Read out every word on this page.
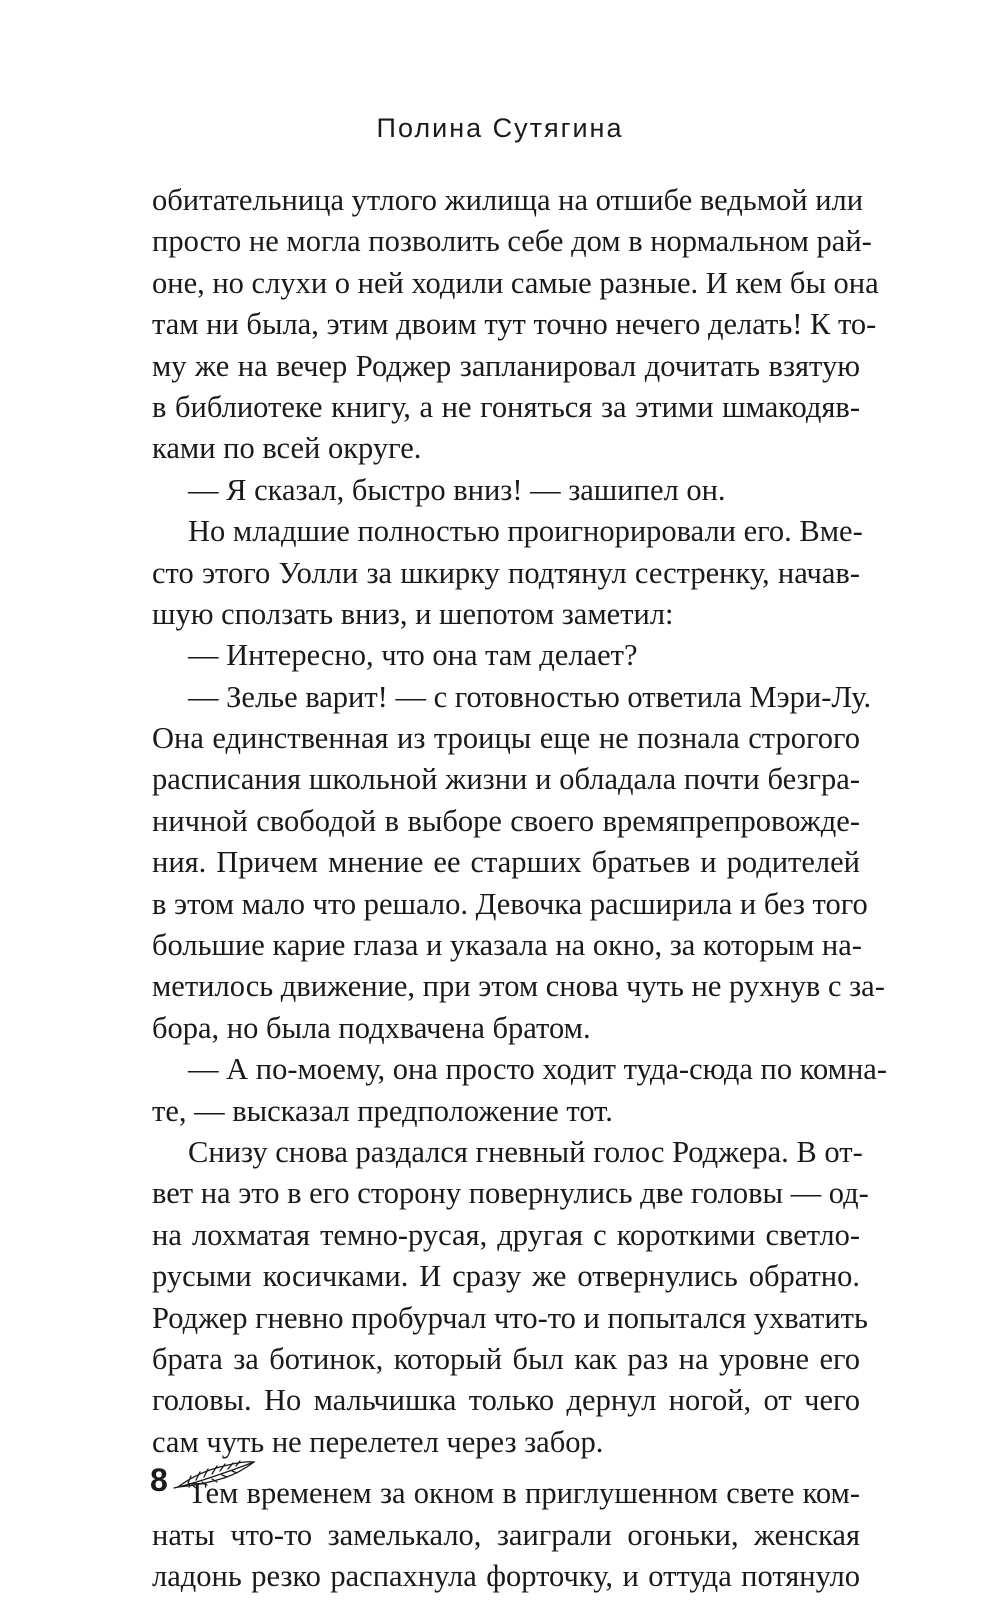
Полина Сутягина
обитательница утлого жилища на отшибе ведьмой или
просто не могла позволить себе дом в нормальном рай-
оне, но слухи о ней ходили самые разные. И кем бы она
там ни была, этим двоим тут точно нечего делать! К то-
му же на вечер Роджер запланировал дочитать взятую
в библиотеке книгу, а не гоняться за этими шмакодяв-
ками по всей округе.
— Я сказал, быстро вниз! — зашипел он.
Но младшие полностью проигнорировали его. Вме-
сто этого Уолли за шкирку подтянул сестренку, начав-
шую сползать вниз, и шепотом заметил:
— Интересно, что она там делает?
— Зелье варит! — с готовностью ответила Мэри-Лу.
Она единственная из троицы еще не познала строгого
расписания школьной жизни и обладала почти безгра-
ничной свободой в выборе своего времяпрепровожде-
ния. Причем мнение ее старших братьев и родителей
в этом мало что решало. Девочка расширила и без того
большие карие глаза и указала на окно, за которым на-
метилось движение, при этом снова чуть не рухнув с за-
бора, но была подхвачена братом.
— А по-моему, она просто ходит туда-сюда по комна-
те, — высказал предположение тот.
Снизу снова раздался гневный голос Роджера. В от-
вет на это в его сторону повернулись две головы — од-
на лохматая темно-русая, другая с короткими светло-
русыми косичками. И сразу же отвернулись обратно.
Роджер гневно пробурчал что-то и попытался ухватить
брата за ботинок, который был как раз на уровне его
головы. Но мальчишка только дернул ногой, от чего
сам чуть не перелетел через забор.
Тем временем за окном в приглушенном свете ком-
наты что-то замелькало, заиграли огоньки, женская
ладонь резко распахнула форточку, и оттуда потянуло
8
